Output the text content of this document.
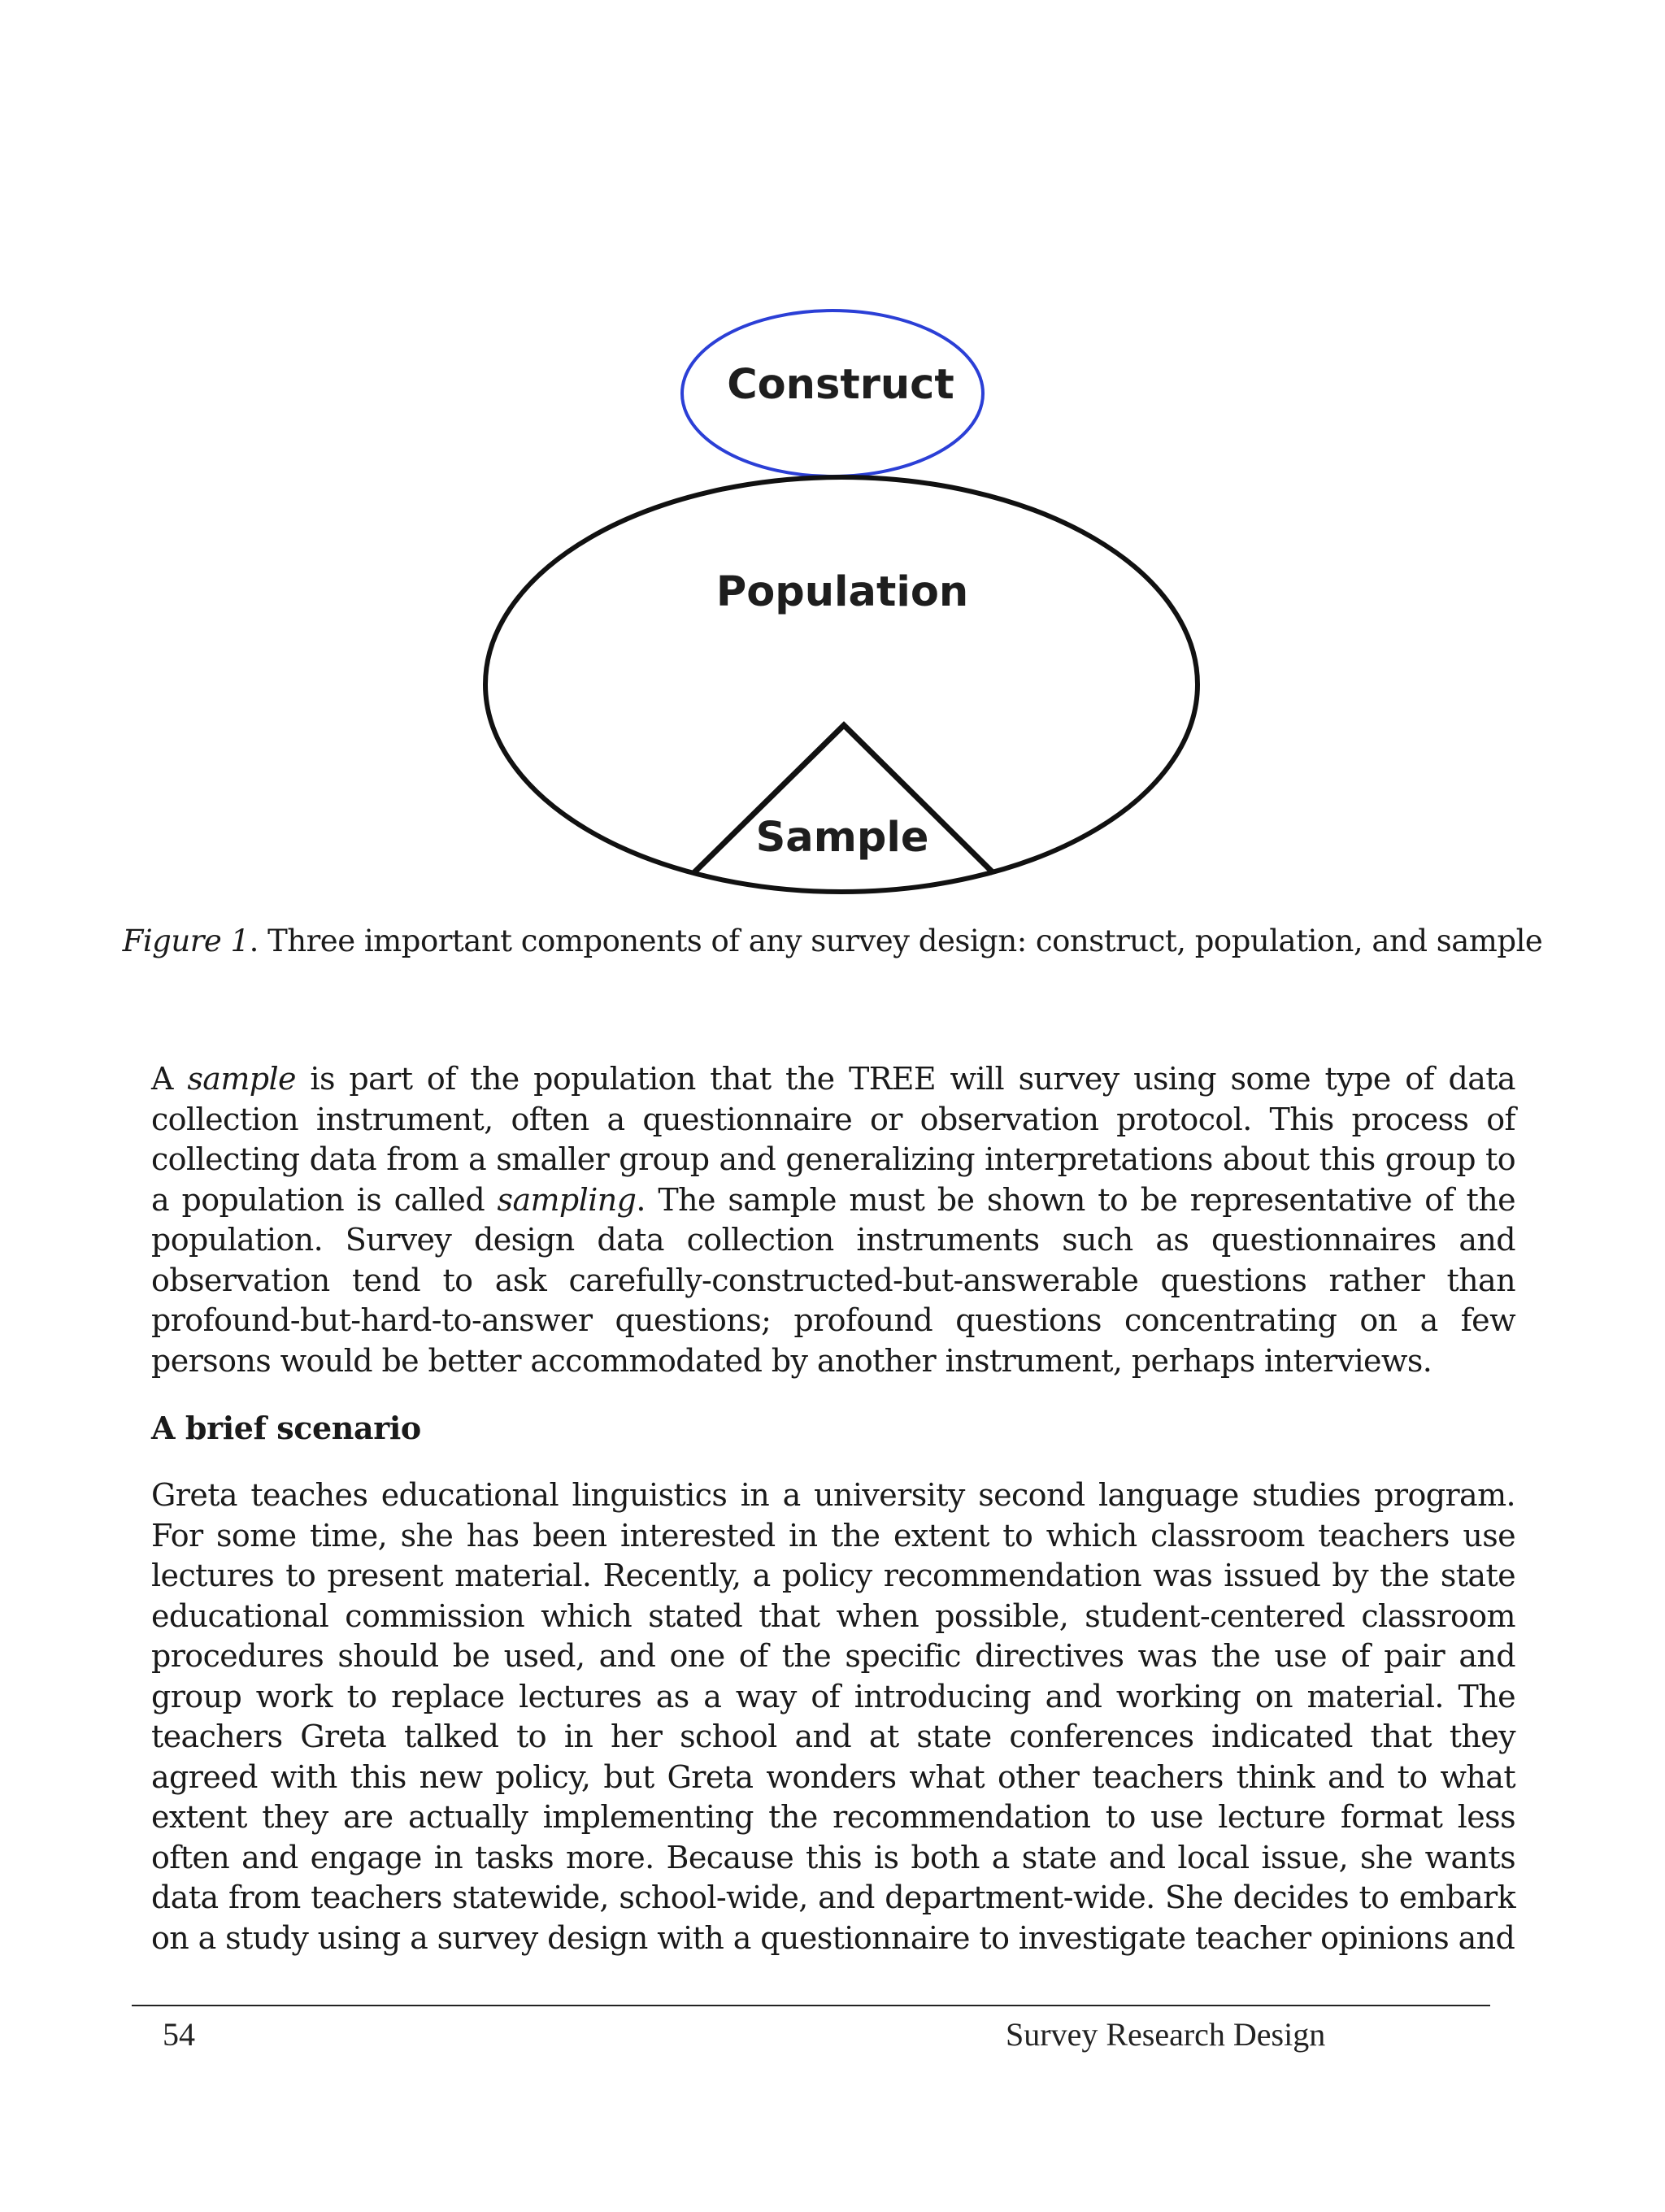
Construct
Population
Sample
Figure 1. Three important components of any survey design: construct, population, and sample
A sample is part of the population that the TREE will survey using some type of data collection instrument, often a questionnaire or observation protocol. This process of collecting data from a smaller group and generalizing interpretations about this group to a population is called sampling. The sample must be shown to be representative of the population. Survey design data collection instruments such as questionnaires and observation tend to ask carefully-constructed-but-answerable questions rather than profound-but-hard-to-answer questions; profound questions concentrating on a few persons would be better accommodated by another instrument, perhaps interviews.
A brief scenario
Greta teaches educational linguistics in a university second language studies program. For some time, she has been interested in the extent to which classroom teachers use lectures to present material. Recently, a policy recommendation was issued by the state educational commission which stated that when possible, student-centered classroom procedures should be used, and one of the specific directives was the use of pair and group work to replace lectures as a way of introducing and working on material. The teachers Greta talked to in her school and at state conferences indicated that they agreed with this new policy, but Greta wonders what other teachers think and to what extent they are actually implementing the recommendation to use lecture format less often and engage in tasks more. Because this is both a state and local issue, she wants data from teachers statewide, school-wide, and department-wide. She decides to embark on a study using a survey design with a questionnaire to investigate teacher opinions and
54	Survey Research Design
